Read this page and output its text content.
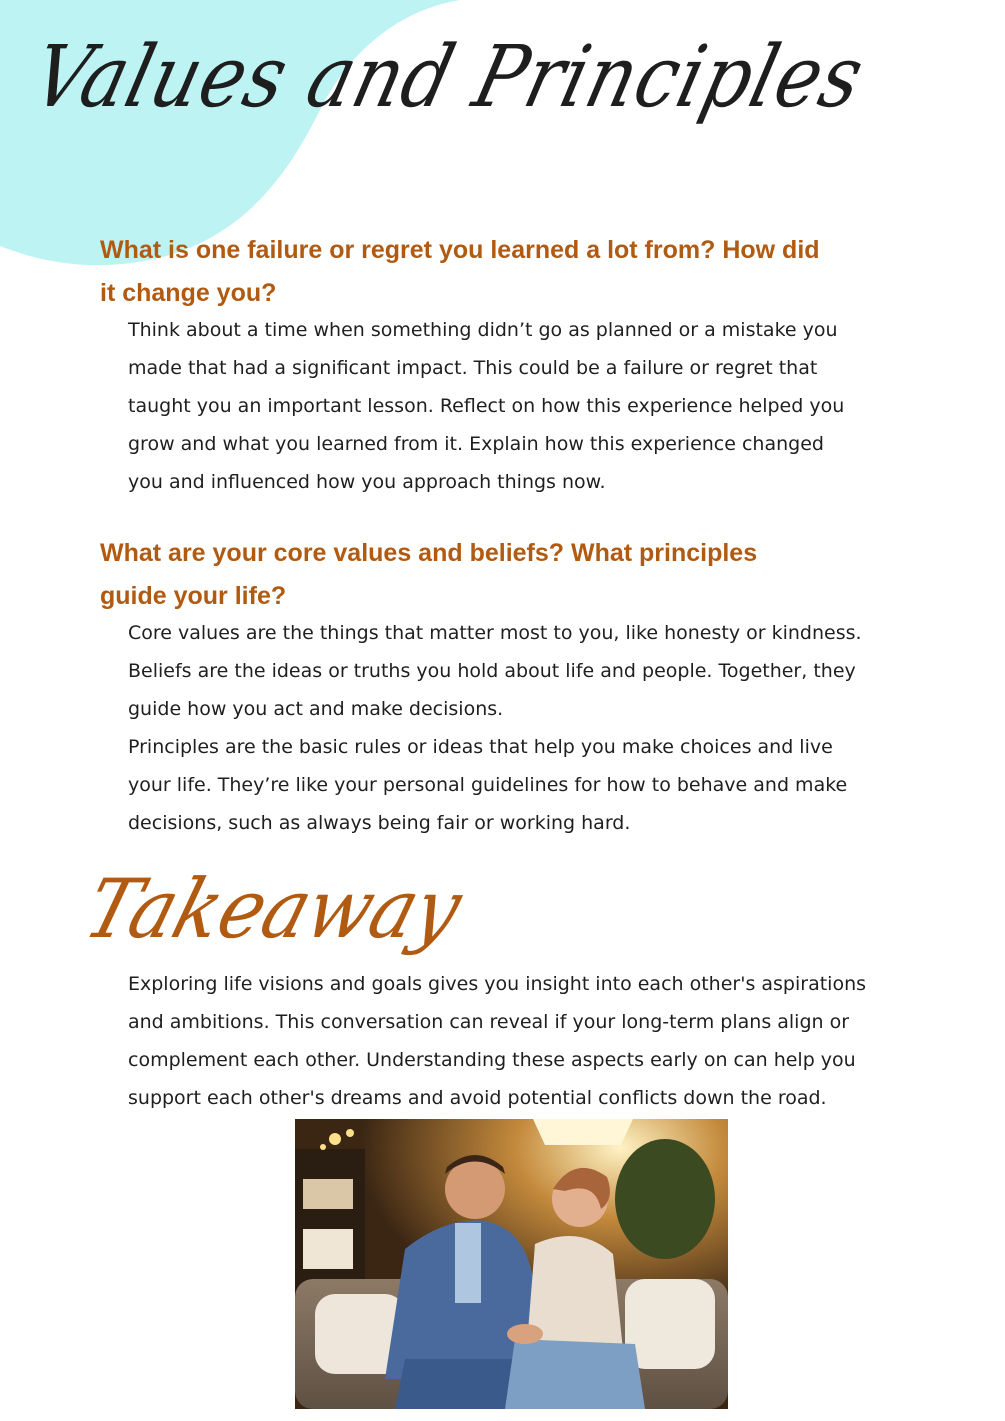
Values and Principles
What is one failure or regret you learned a lot from? How did
it change you?

Think about a time when something didn’t go as planned or a mistake you
made that had a significant impact. This could be a failure or regret that
taught you an important lesson. Reflect on how this experience helped you
grow and what you learned from it. Explain how this experience changed
you and influenced how you approach things now.

What are your core values and beliefs? What principles
guide your life?

Core values are the things that matter most to you, like honesty or kindness.
Beliefs are the ideas or truths you hold about life and people. Together, they
guide how you act and make decisions.
Principles are the basic rules or ideas that help you make choices and live
your life. They’re like your personal guidelines for how to behave and make
decisions, such as always being fair or working hard.

Takeaway

Exploring life visions and goals gives you insight into each other's aspirations
and ambitions. This conversation can reveal if your long-term plans align or
complement each other. Understanding these aspects early on can help you
support each other's dreams and avoid potential conflicts down the road.
